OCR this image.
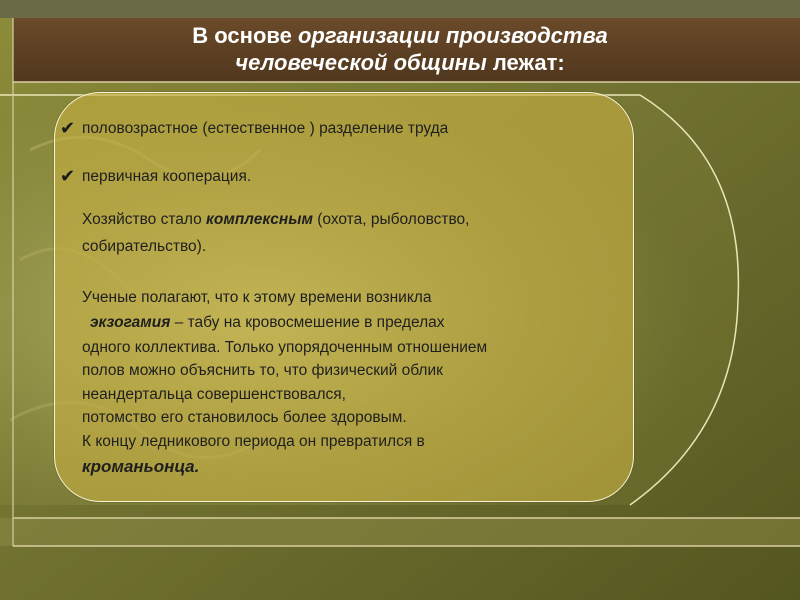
В основе организации производства
человеческой общины лежат:
✔ половозрастное (естественное ) разделение труда
✔ первичная кооперация.
Хозяйство стало комплексным (охота, рыболовство,
собирательство).
Ученые полагают, что к этому времени возникла
экзогамия – табу на кровосмешение в пределах
одного коллектива. Только упорядоченным отношением
полов можно объяснить то, что физический облик
неандертальца совершенствовался,
потомство его становилось более здоровым.
К концу ледникового периода он превратился в
кроманьонца.
